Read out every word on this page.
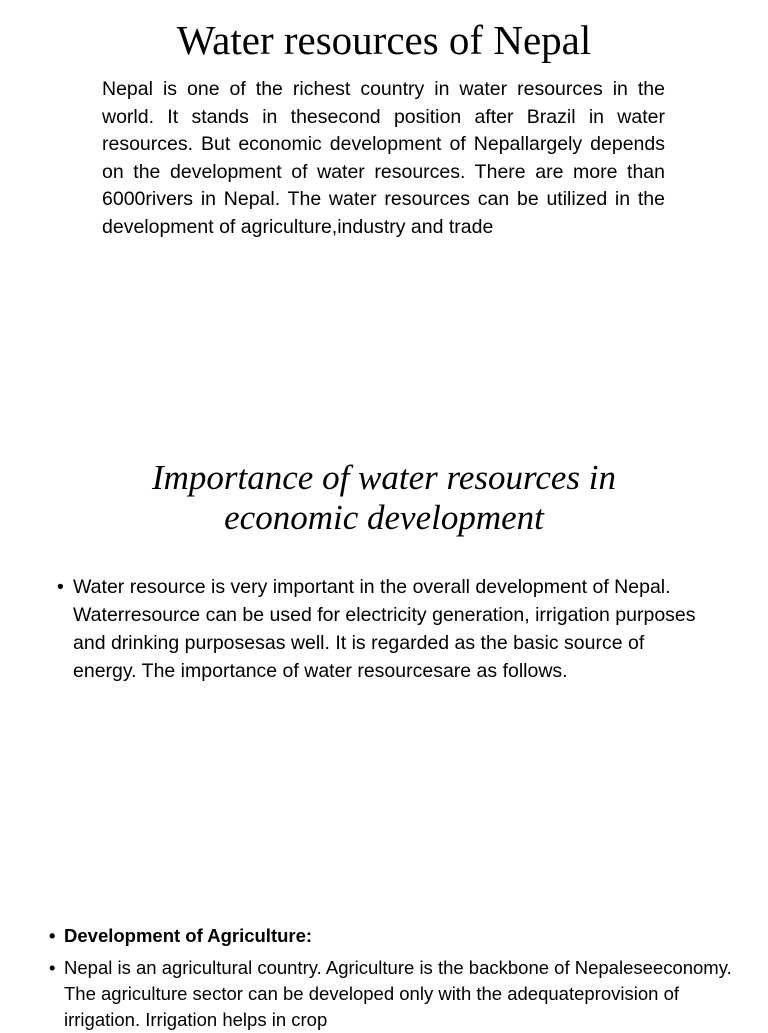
Water resources of Nepal

Nepal is one of the richest country in water resources in the world. It stands in thesecond position after Brazil in water resources. But economic development of Nepallargely depends on the development of water resources. There are more than 6000rivers in Nepal. The water resources can be utilized in the development of agriculture,industry and trade

Importance of water resources in
economic development
• Water resource is very important in the overall development of Nepal. Waterresource can be used for electricity generation, irrigation purposes and drinking purposesas well. It is regarded as the basic source of energy. The importance of water resourcesare as follows.
• Development of Agriculture:
• Nepal is an agricultural country. Agriculture is the backbone of Nepaleseeconomy. The agriculture sector can be developed only with the adequateprovision of irrigation. Irrigation helps in crop
